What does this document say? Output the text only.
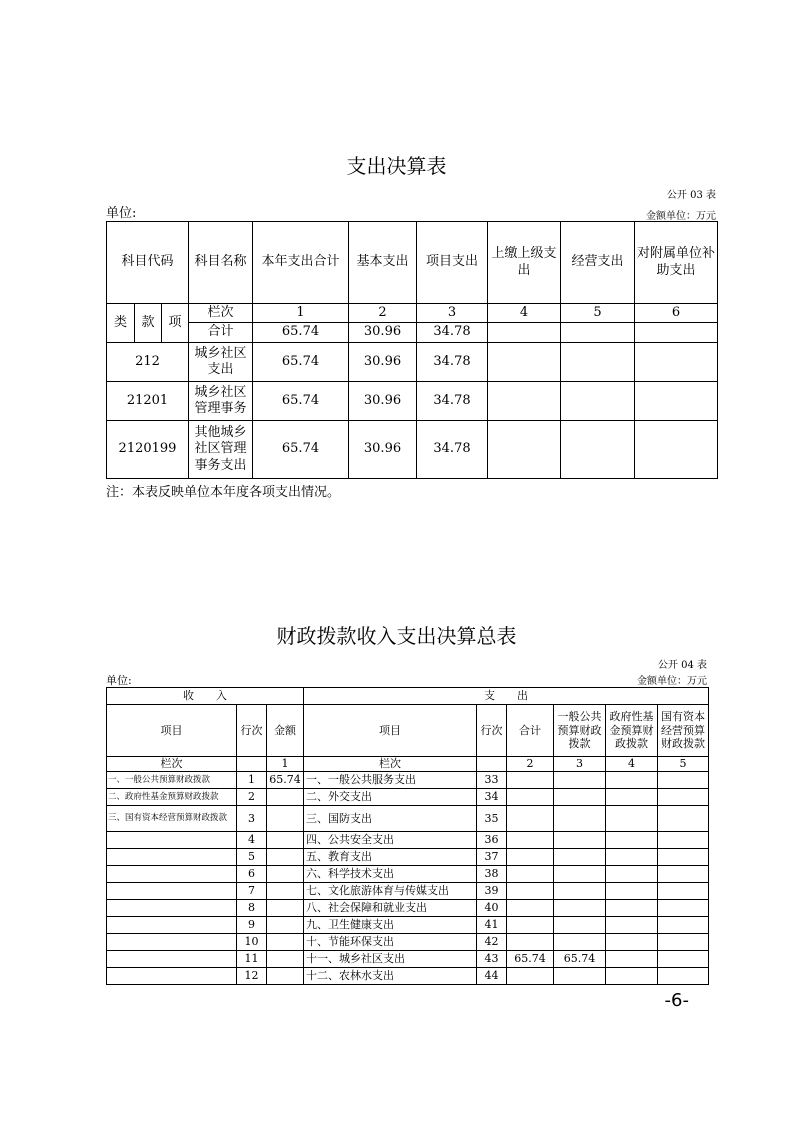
支出决算表
公开 03 表
单位:	金额单位：万元
科目代码			科目名称	本年支出合计	基本支出	项目支出	上缴上级支出	经营支出	对附属单位补助支出
类	款	项	栏次	1	2	3	4	5	6
			合计	65.74	30.96	34.78			
212			城乡社区支出	65.74	30.96	34.78			
21201			城乡社区管理事务	65.74	30.96	34.78			
2120199			其他城乡社区管理事务支出	65.74	30.96	34.78			
注：本表反映单位本年度各项支出情况。
财政拨款收入支出决算总表
公开 04 表
单位:	金额单位：万元
收　　入			支　　出					
项目	行次	金额	项目	行次	合计	一般公共预算财政拨款	政府性基金预算财政拨款	国有资本经营预算财政拨款
栏次		1	栏次		2	3	4	5
一、一般公共预算财政拨款	1	65.74	一、一般公共服务支出	33				
二、政府性基金预算财政拨款	2		二、外交支出	34				
三、国有资本经营预算财政拨款	3		三、国防支出	35				
	4		四、公共安全支出	36				
	5		五、教育支出	37				
	6		六、科学技术支出	38				
	7		七、文化旅游体育与传媒支出	39				
	8		八、社会保障和就业支出	40				
	9		九、卫生健康支出	41				
	10		十、节能环保支出	42				
	11		十一、城乡社区支出	43	65.74	65.74		
	12		十二、农林水支出	44				
-6-
